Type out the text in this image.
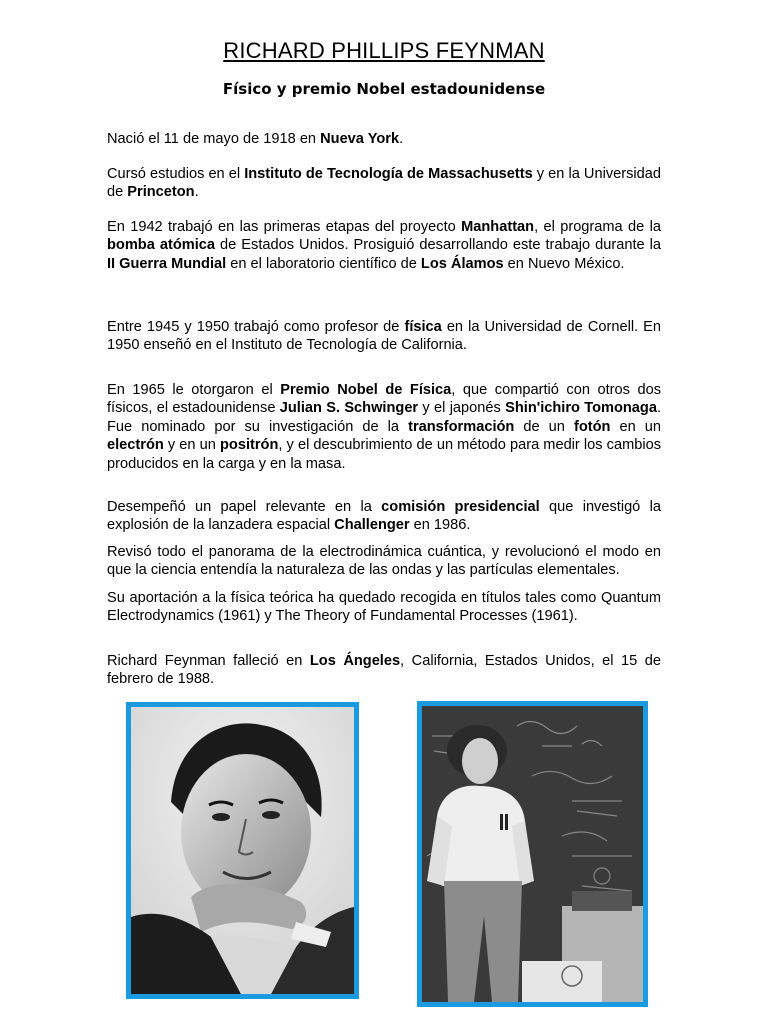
RICHARD PHILLIPS FEYNMAN
Físico y premio Nobel estadounidense

Nació el 11 de mayo de 1918 en Nueva York.

Cursó estudios en el Instituto de Tecnología de Massachusetts y en la Universidad de Princeton.

En 1942 trabajó en las primeras etapas del proyecto Manhattan, el programa de la bomba atómica de Estados Unidos. Prosiguió desarrollando este trabajo durante la II Guerra Mundial en el laboratorio científico de Los Álamos en Nuevo México.

Entre 1945 y 1950 trabajó como profesor de física en la Universidad de Cornell. En 1950 enseñó en el Instituto de Tecnología de California.

En 1965 le otorgaron el Premio Nobel de Física, que compartió con otros dos físicos, el estadounidense Julian S. Schwinger y el japonés Shin'ichiro Tomonaga. Fue nominado por su investigación de la transformación de un fotón en un electrón y en un positrón, y el descubrimiento de un método para medir los cambios producidos en la carga y en la masa.

Desempeñó un papel relevante en la comisión presidencial que investigó la explosión de la lanzadera espacial Challenger en 1986.

Revisó todo el panorama de la electrodinámica cuántica, y revolucionó el modo en que la ciencia entendía la naturaleza de las ondas y las partículas elementales.

Su aportación a la física teórica ha quedado recogida en títulos tales como Quantum Electrodynamics (1961) y The Theory of Fundamental Processes (1961).

Richard Feynman falleció en Los Ángeles, California, Estados Unidos, el 15 de febrero de 1988.
